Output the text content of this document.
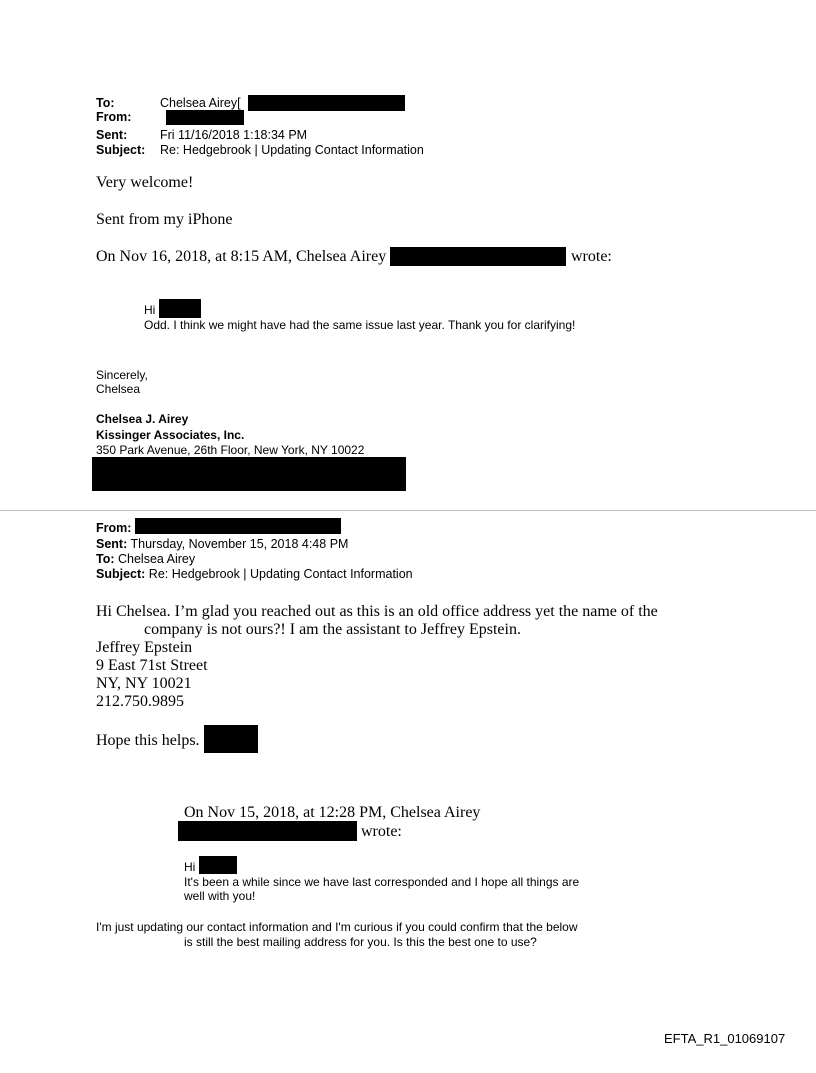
To:	Chelsea Airey[
From:
Sent:	Fri 11/16/2018 1:18:34 PM
Subject: Re: Hedgebrook | Updating Contact Information
Very welcome!
Sent from my iPhone
On Nov 16, 2018, at 8:15 AM, Chelsea Airey	wrote:
Hi
Odd. I think we might have had the same issue last year. Thank you for clarifying!
Sincerely,
Chelsea
Chelsea J. Airey
Kissinger Associates, Inc.
350 Park Avenue, 26th Floor, New York, NY 10022
From:
Sent: Thursday, November 15, 2018 4:48 PM
To: Chelsea Airey
Subject: Re: Hedgebrook | Updating Contact Information
Hi Chelsea. I’m glad you reached out as this is an old office address yet the name of the
company is not ours?! I am the assistant to Jeffrey Epstein.
Jeffrey Epstein
9 East 71st Street
NY, NY 10021
212.750.9895
Hope this helps.
On Nov 15, 2018, at 12:28 PM, Chelsea Airey
wrote:
Hi
It's been a while since we have last corresponded and I hope all things are
well with you!
I'm just updating our contact information and I'm curious if you could confirm that the below
is still the best mailing address for you. Is this the best one to use?
EFTA_R1_01069107
